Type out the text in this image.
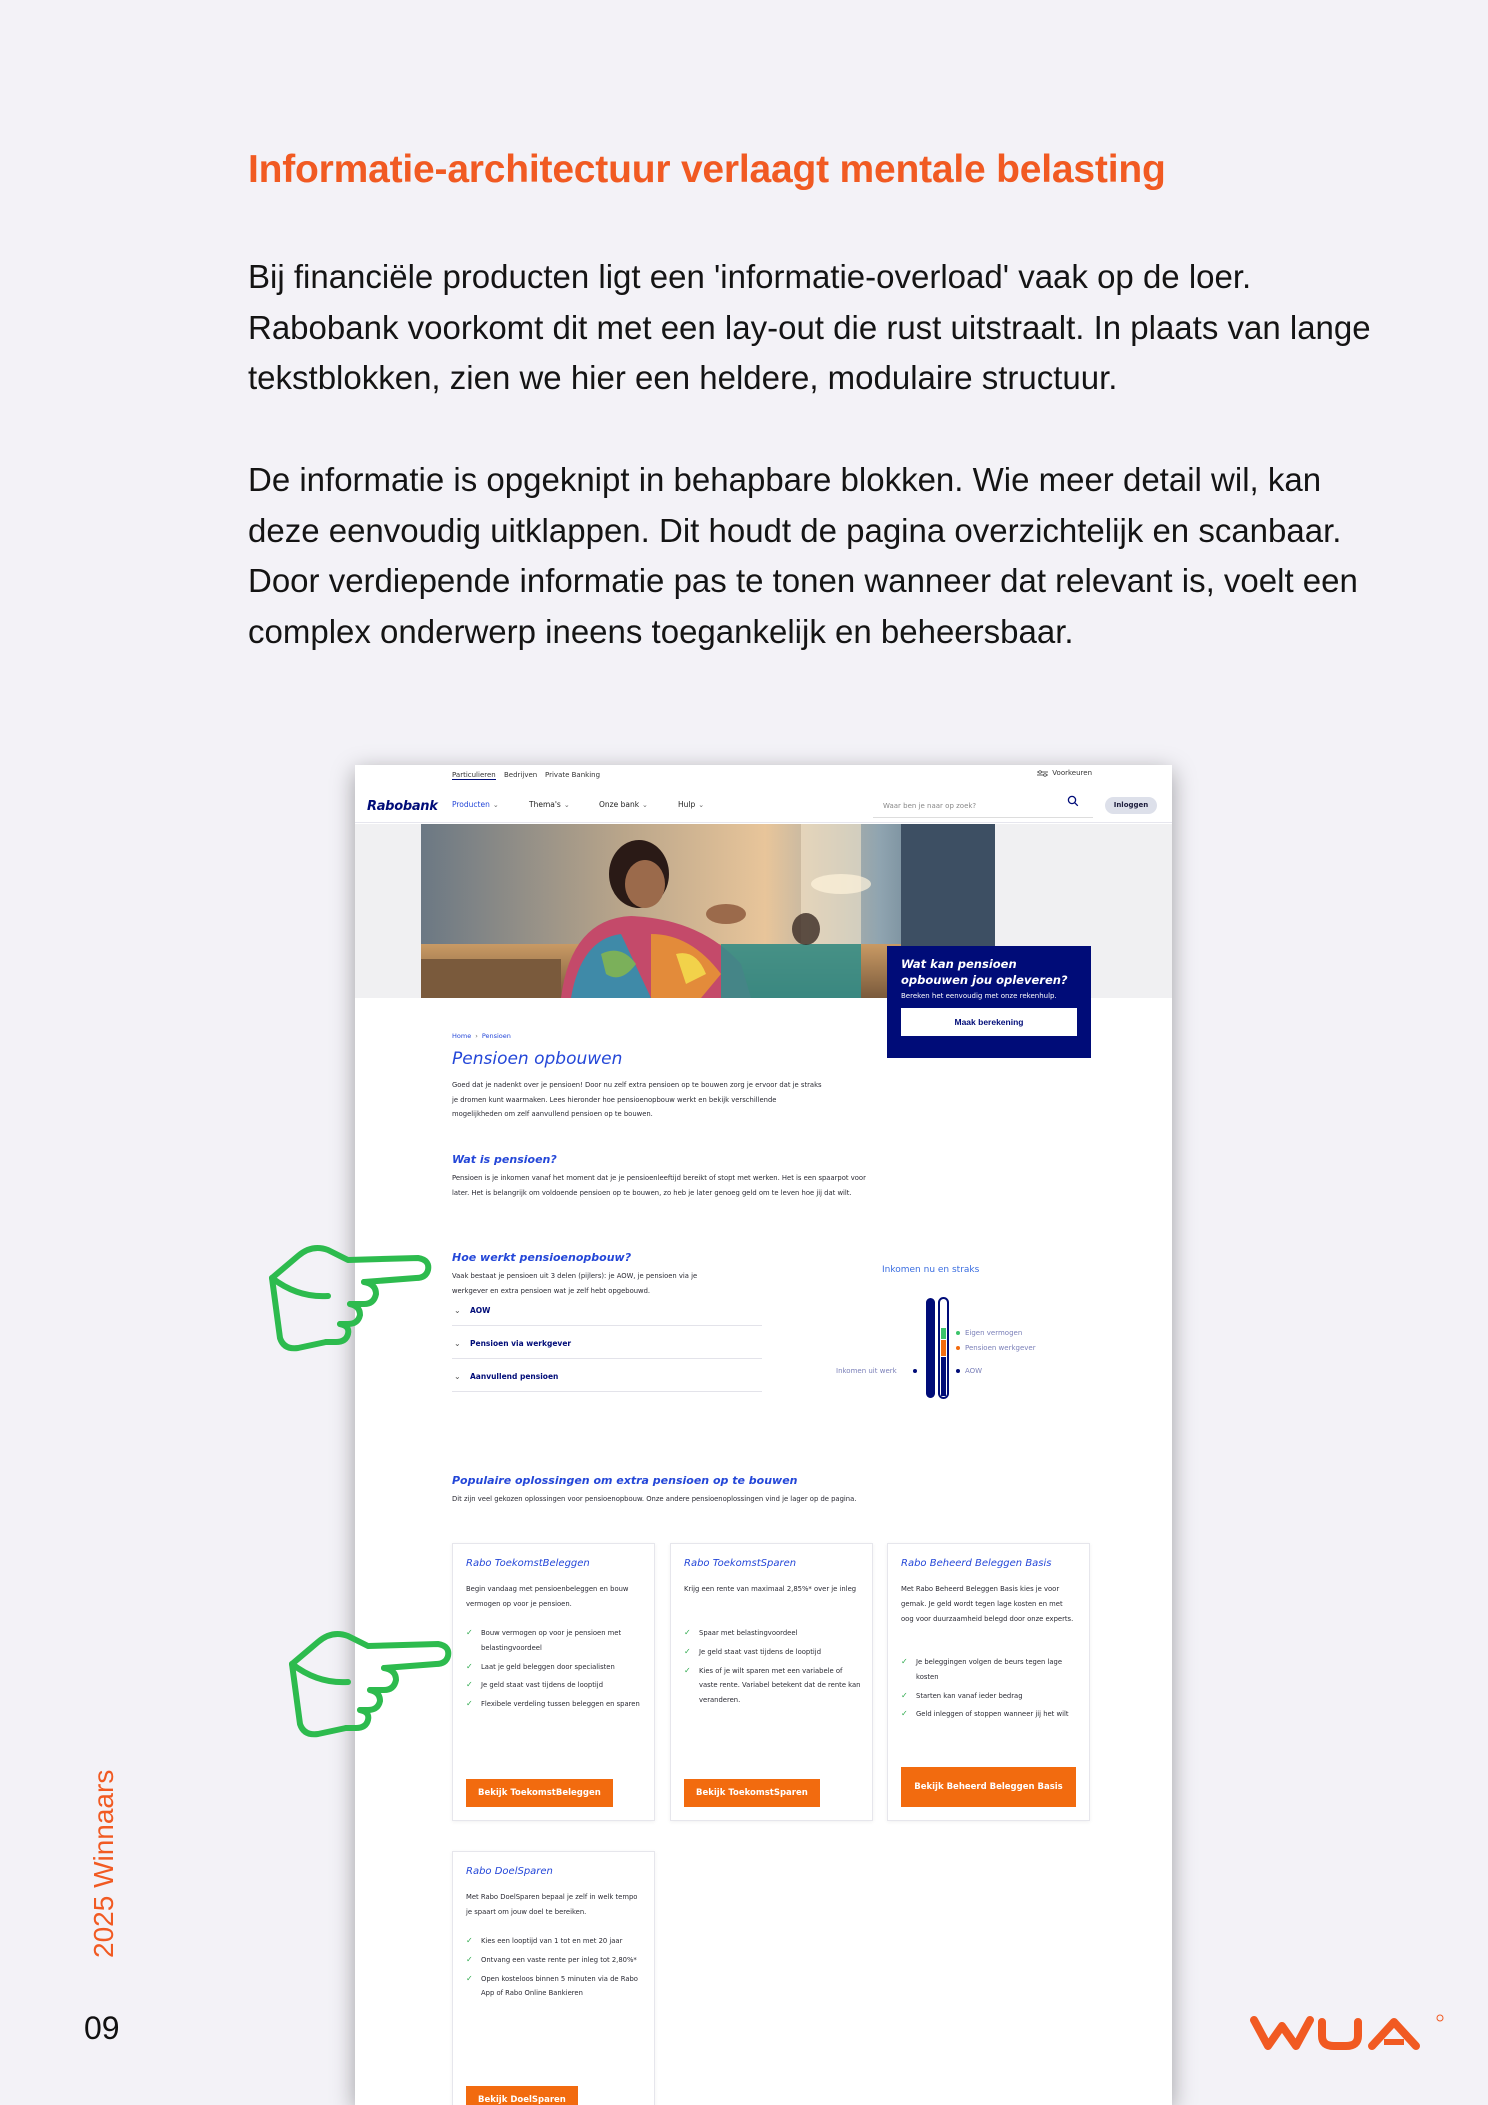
Informatie-architectuur verlaagt mentale belasting

Bij financiële producten ligt een 'informatie-overload' vaak op de loer. Rabobank voorkomt dit met een lay-out die rust uitstraalt. In plaats van lange tekstblokken, zien we hier een heldere, modulaire structuur.

De informatie is opgeknipt in behapbare blokken. Wie meer detail wil, kan deze eenvoudig uitklappen. Dit houdt de pagina overzichtelijk en scanbaar. Door verdiepende informatie pas te tonen wanneer dat relevant is, voelt een complex onderwerp ineens toegankelijk en beheersbaar.

2025 Winnaars
09
Particulieren Bedrijven Private Banking	Voorkeuren
Rabobank Producten ⌄	Thema's ⌄	Onze bank ⌄	Hulp ⌄	Waar ben je naar op zoek?	Inloggen
Wat kan pensioen opbouwen jou opleveren?
Bereken het eenvoudig met onze rekenhulp.
Maak berekening
Home › Pensioen
Pensioen opbouwen
Goed dat je nadenkt over je pensioen! Door nu zelf extra pensioen op te bouwen zorg je ervoor dat je straks je dromen kunt waarmaken. Lees hieronder hoe pensioenopbouw werkt en bekijk verschillende mogelijkheden om zelf aanvullend pensioen op te bouwen.
Wat is pensioen?
Pensioen is je inkomen vanaf het moment dat je je pensioenleeftijd bereikt of stopt met werken. Het is een spaarpot voor later. Het is belangrijk om voldoende pensioen op te bouwen, zo heb je later genoeg geld om te leven hoe jij dat wilt.
Hoe werkt pensioenopbouw?
Vaak bestaat je pensioen uit 3 delen (pijlers): je AOW, je pensioen via je werkgever en extra pensioen wat je zelf hebt opgebouwd.
⌄ AOW
⌄ Pensioen via werkgever
⌄ Aanvullend pensioen
Inkomen nu en straks
Inkomen uit werk
Eigen vermogen
Pensioen werkgever
AOW
Populaire oplossingen om extra pensioen op te bouwen
Dit zijn veel gekozen oplossingen voor pensioenopbouw. Onze andere pensioenoplossingen vind je lager op de pagina.
Rabo ToekomstBeleggen
Begin vandaag met pensioenbeleggen en bouw vermogen op voor je pensioen.
✓ Bouw vermogen op voor je pensioen met belastingvoordeel
✓ Laat je geld beleggen door specialisten
✓ Je geld staat vast tijdens de looptijd
✓ Flexibele verdeling tussen beleggen en sparen
Bekijk ToekomstBeleggen
Rabo ToekomstSparen
Krijg een rente van maximaal 2,85%* over je inleg
✓ Spaar met belastingvoordeel
✓ Je geld staat vast tijdens de looptijd
✓ Kies of je wilt sparen met een variabele of vaste rente. Variabel betekent dat de rente kan veranderen.
Bekijk ToekomstSparen
Rabo Beheerd Beleggen Basis
Met Rabo Beheerd Beleggen Basis kies je voor gemak. Je geld wordt tegen lage kosten en met oog voor duurzaamheid belegd door onze experts.
✓ Je beleggingen volgen de beurs tegen lage kosten
✓ Starten kan vanaf ieder bedrag
✓ Geld inleggen of stoppen wanneer jij het wilt
Bekijk Beheerd Beleggen Basis
Rabo DoelSparen
Met Rabo DoelSparen bepaal je zelf in welk tempo je spaart om jouw doel te bereiken.
✓ Kies een looptijd van 1 tot en met 20 jaar
✓ Ontvang een vaste rente per inleg tot 2,80%*
✓ Open kosteloos binnen 5 minuten via de Rabo App of Rabo Online Bankieren
Bekijk DoelSparen
